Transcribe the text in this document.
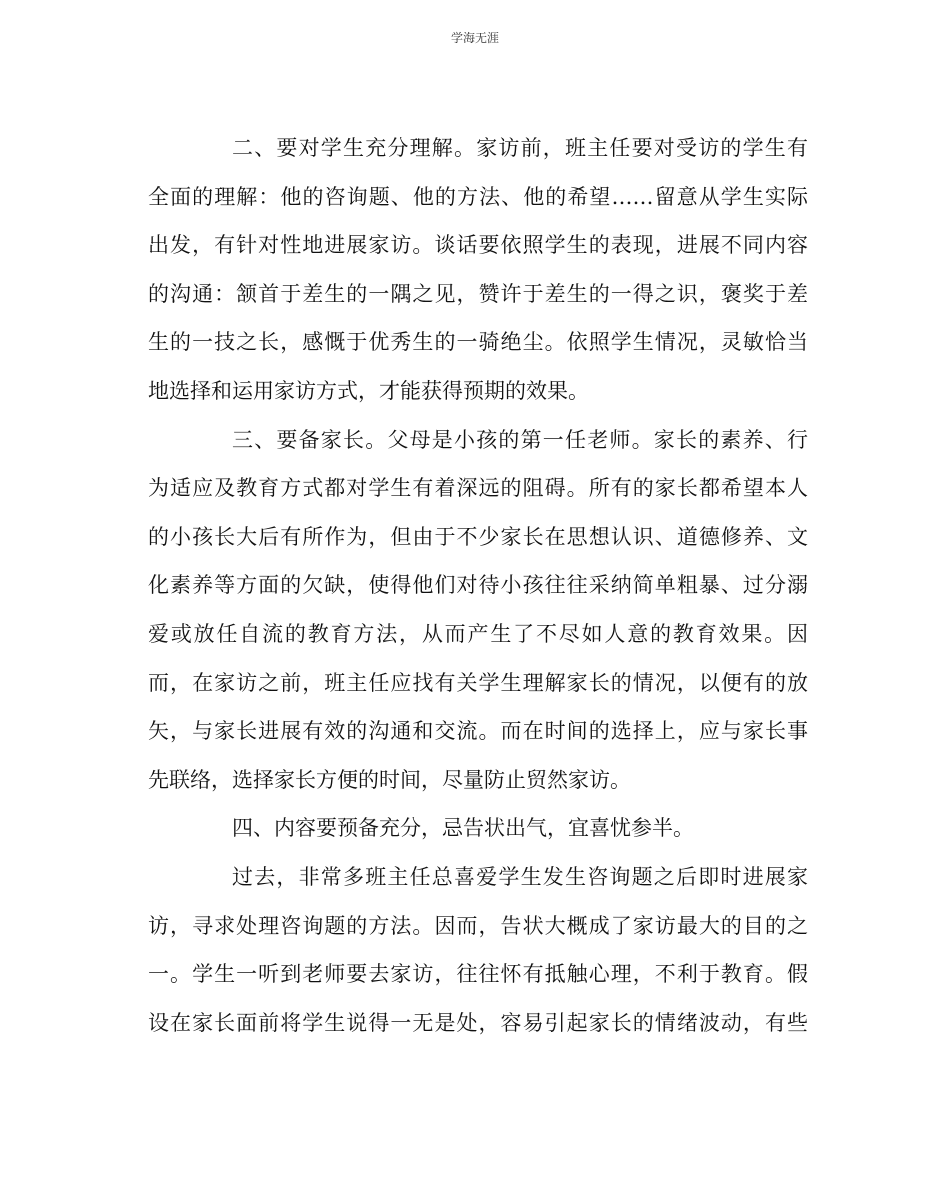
学海无涯
二、要对学生充分理解。家访前，班主任要对受访的学生有
全面的理解：他的咨询题、他的方法、他的希望……留意从学生实际
出发，有针对性地进展家访。谈话要依照学生的表现，进展不同内容
的沟通：颔首于差生的一隅之见，赞许于差生的一得之识，褒奖于差
生的一技之长，感慨于优秀生的一骑绝尘。依照学生情况，灵敏恰当
地选择和运用家访方式，才能获得预期的效果。
三、要备家长。父母是小孩的第一任老师。家长的素养、行
为适应及教育方式都对学生有着深远的阻碍。所有的家长都希望本人
的小孩长大后有所作为，但由于不少家长在思想认识、道德修养、文
化素养等方面的欠缺，使得他们对待小孩往往采纳简单粗暴、过分溺
爱或放任自流的教育方法，从而产生了不尽如人意的教育效果。因
而，在家访之前，班主任应找有关学生理解家长的情况，以便有的放
矢，与家长进展有效的沟通和交流。而在时间的选择上，应与家长事
先联络，选择家长方便的时间，尽量防止贸然家访。
四、内容要预备充分，忌告状出气，宜喜忧参半。
过去，非常多班主任总喜爱学生发生咨询题之后即时进展家
访，寻求处理咨询题的方法。因而，告状大概成了家访最大的目的之
一。学生一听到老师要去家访，往往怀有抵触心理，不利于教育。假
设在家长面前将学生说得一无是处，容易引起家长的情绪波动，有些
